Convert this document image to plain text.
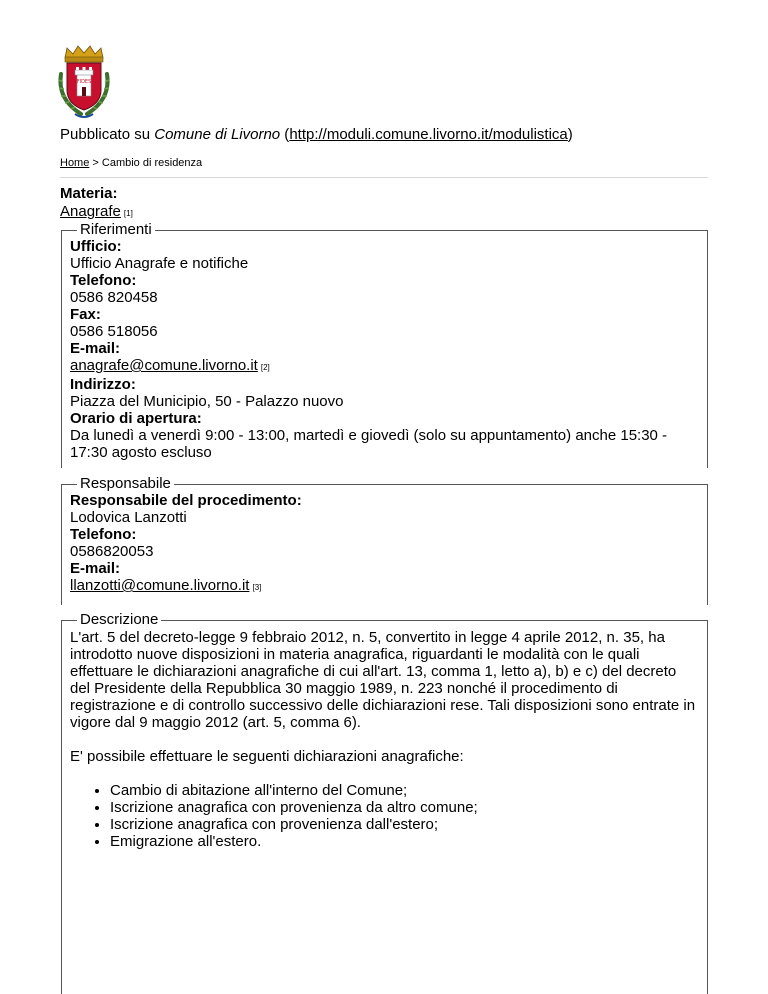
FIDES
Pubblicato su Comune di Livorno (http://moduli.comune.livorno.it/modulistica)
Home > Cambio di residenza
Materia:
Anagrafe [1]
Riferimenti
Ufficio:
Ufficio Anagrafe e notifiche
Telefono:
0586 820458
Fax:
0586 518056
E-mail:
anagrafe@comune.livorno.it [2]
Indirizzo:
Piazza del Municipio, 50 - Palazzo nuovo
Orario di apertura:
Da lunedì a venerdì 9:00 - 13:00, martedì e giovedì (solo su appuntamento) anche 15:30 - 17:30 agosto escluso
Responsabile
Responsabile del procedimento:
Lodovica Lanzotti
Telefono:
0586820053
E-mail:
llanzotti@comune.livorno.it [3]
Descrizione

L'art. 5 del decreto-legge 9 febbraio 2012, n. 5, convertito in legge 4 aprile 2012, n. 35, ha introdotto nuove disposizioni in materia anagrafica, riguardanti le modalità con le quali effettuare le dichiarazioni anagrafiche di cui all'art. 13, comma 1, letto a), b) e c) del decreto del Presidente della Repubblica 30 maggio 1989, n. 223 nonché il procedimento di registrazione e di controllo successivo delle dichiarazioni rese. Tali disposizioni sono entrate in vigore dal 9 maggio 2012 (art. 5, comma 6).

E' possibile effettuare le seguenti dichiarazioni anagrafiche:

• Cambio di abitazione all'interno del Comune;
• Iscrizione anagrafica con provenienza da altro comune;
• Iscrizione anagrafica con provenienza dall'estero;
• Emigrazione all'estero.
